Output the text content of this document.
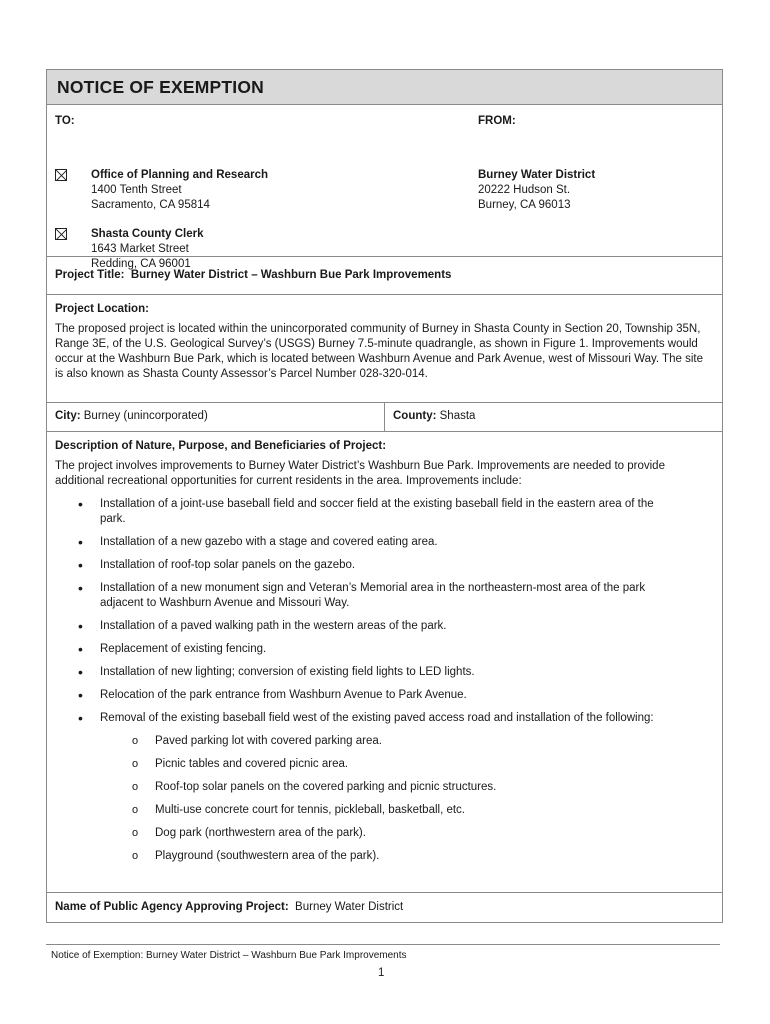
NOTICE OF EXEMPTION
TO:	FROM:
Office of Planning and Research
1400 Tenth Street
Sacramento, CA 95814
Shasta County Clerk
1643 Market Street
Redding, CA 96001
Burney Water District
20222 Hudson St.
Burney, CA 96013
Project Title: Burney Water District – Washburn Bue Park Improvements
Project Location:
The proposed project is located within the unincorporated community of Burney in Shasta County in Section 20, Township 35N, Range 3E, of the U.S. Geological Survey’s (USGS) Burney 7.5-minute quadrangle, as shown in Figure 1. Improvements would occur at the Washburn Bue Park, which is located between Washburn Avenue and Park Avenue, west of Missouri Way. The site is also known as Shasta County Assessor’s Parcel Number 028-320-014.
City: Burney (unincorporated)	County: Shasta
Description of Nature, Purpose, and Beneficiaries of Project:
The project involves improvements to Burney Water District’s Washburn Bue Park. Improvements are needed to provide additional recreational opportunities for current residents in the area. Improvements include:
• Installation of a joint-use baseball field and soccer field at the existing baseball field in the eastern area of the park.
• Installation of a new gazebo with a stage and covered eating area.
• Installation of roof-top solar panels on the gazebo.
• Installation of a new monument sign and Veteran’s Memorial area in the northeastern-most area of the park adjacent to Washburn Avenue and Missouri Way.
• Installation of a paved walking path in the western areas of the park.
• Replacement of existing fencing.
• Installation of new lighting; conversion of existing field lights to LED lights.
• Relocation of the park entrance from Washburn Avenue to Park Avenue.
• Removal of the existing baseball field west of the existing paved access road and installation of the following:
o Paved parking lot with covered parking area.
o Picnic tables and covered picnic area.
o Roof-top solar panels on the covered parking and picnic structures.
o Multi-use concrete court for tennis, pickleball, basketball, etc.
o Dog park (northwestern area of the park).
o Playground (southwestern area of the park).
Name of Public Agency Approving Project: Burney Water District
Notice of Exemption: Burney Water District – Washburn Bue Park Improvements
1
